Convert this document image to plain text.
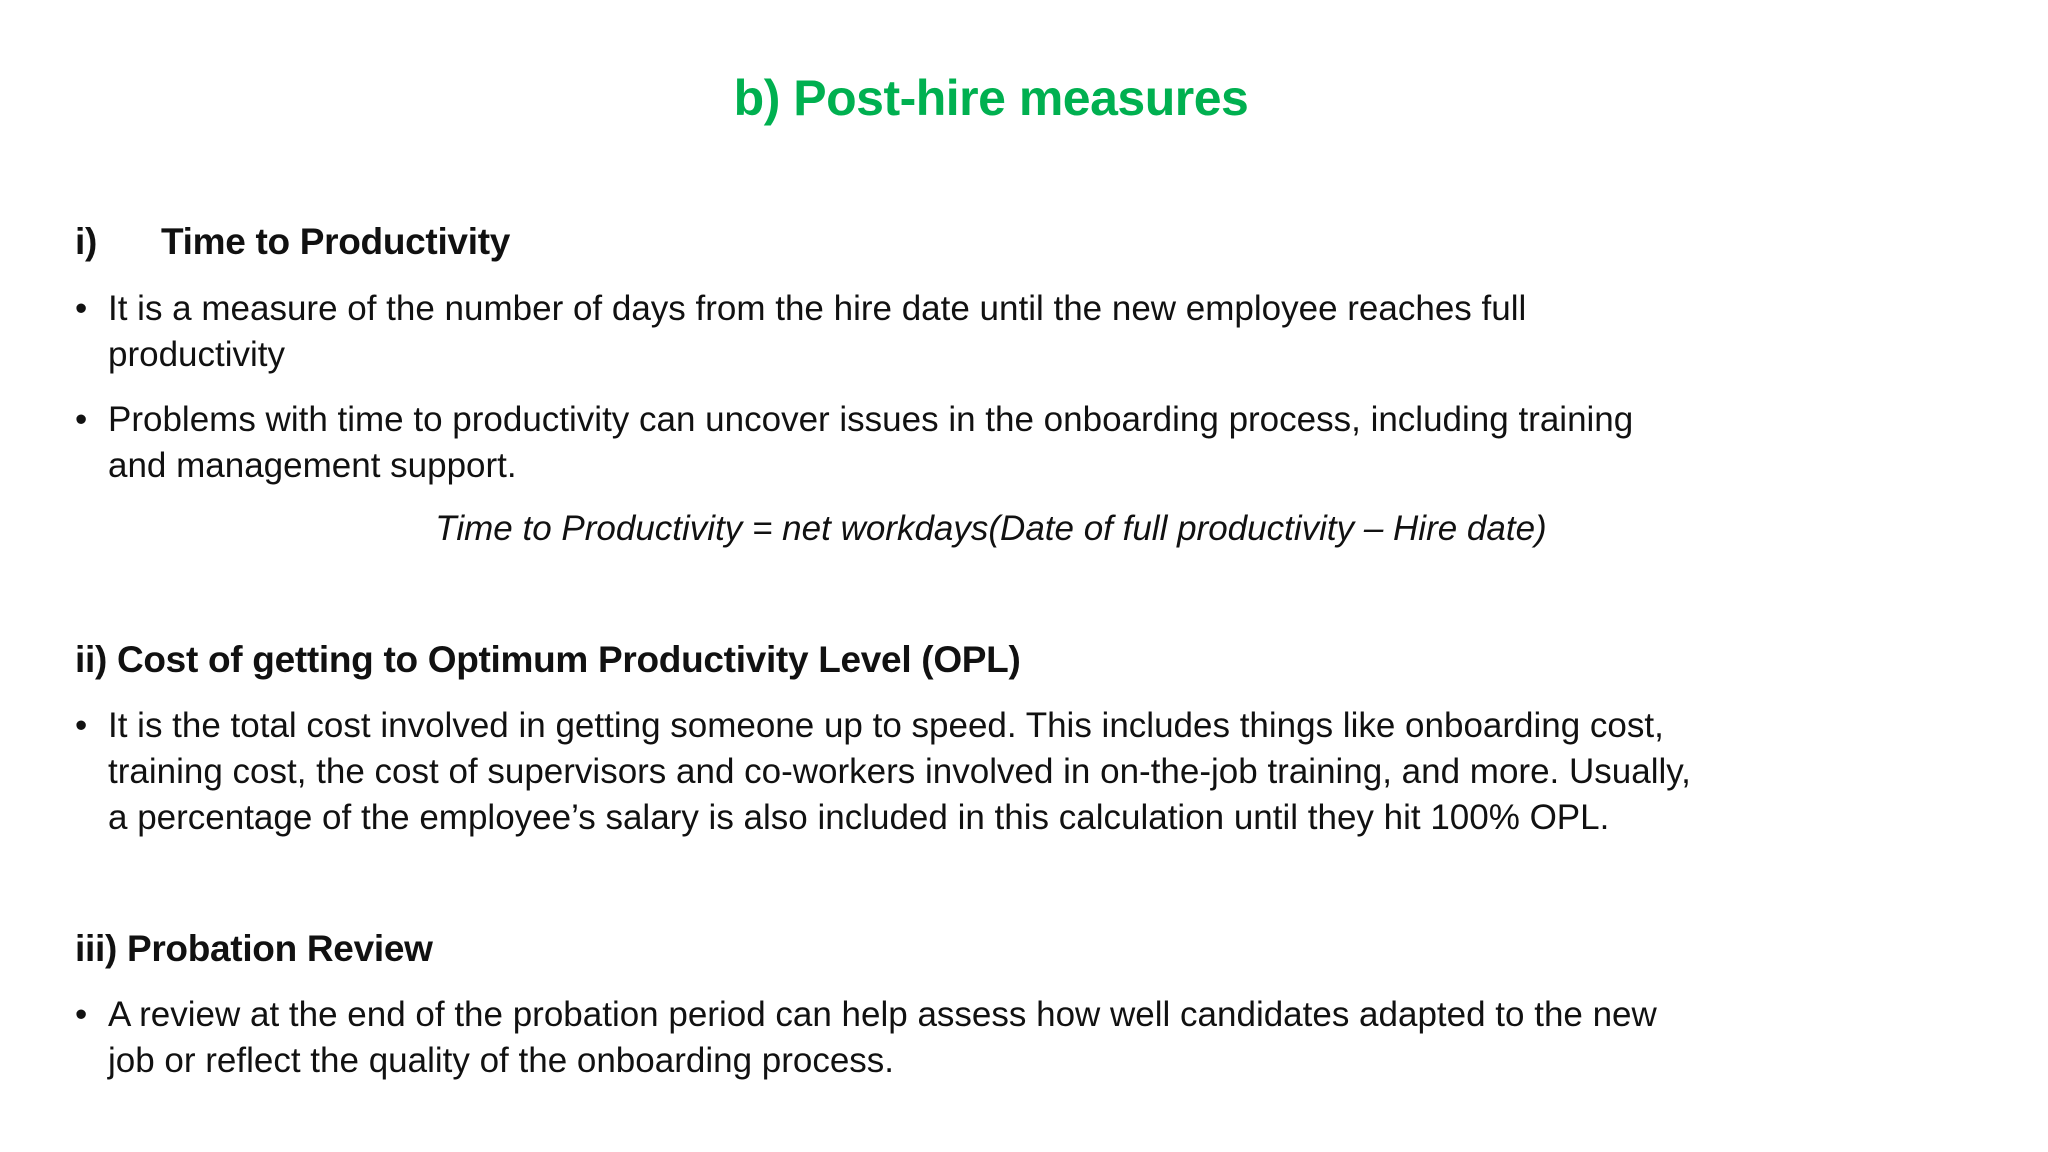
b) Post-hire measures
i) Time to Productivity
• It is a measure of the number of days from the hire date until the new employee reaches full
productivity
• Problems with time to productivity can uncover issues in the onboarding process, including training
and management support.
Time to Productivity = net workdays(Date of full productivity – Hire date)
ii) Cost of getting to Optimum Productivity Level (OPL)
• It is the total cost involved in getting someone up to speed. This includes things like onboarding cost,
training cost, the cost of supervisors and co-workers involved in on-the-job training, and more. Usually,
a percentage of the employee’s salary is also included in this calculation until they hit 100% OPL.
iii) Probation Review
• A review at the end of the probation period can help assess how well candidates adapted to the new
job or reflect the quality of the onboarding process.
